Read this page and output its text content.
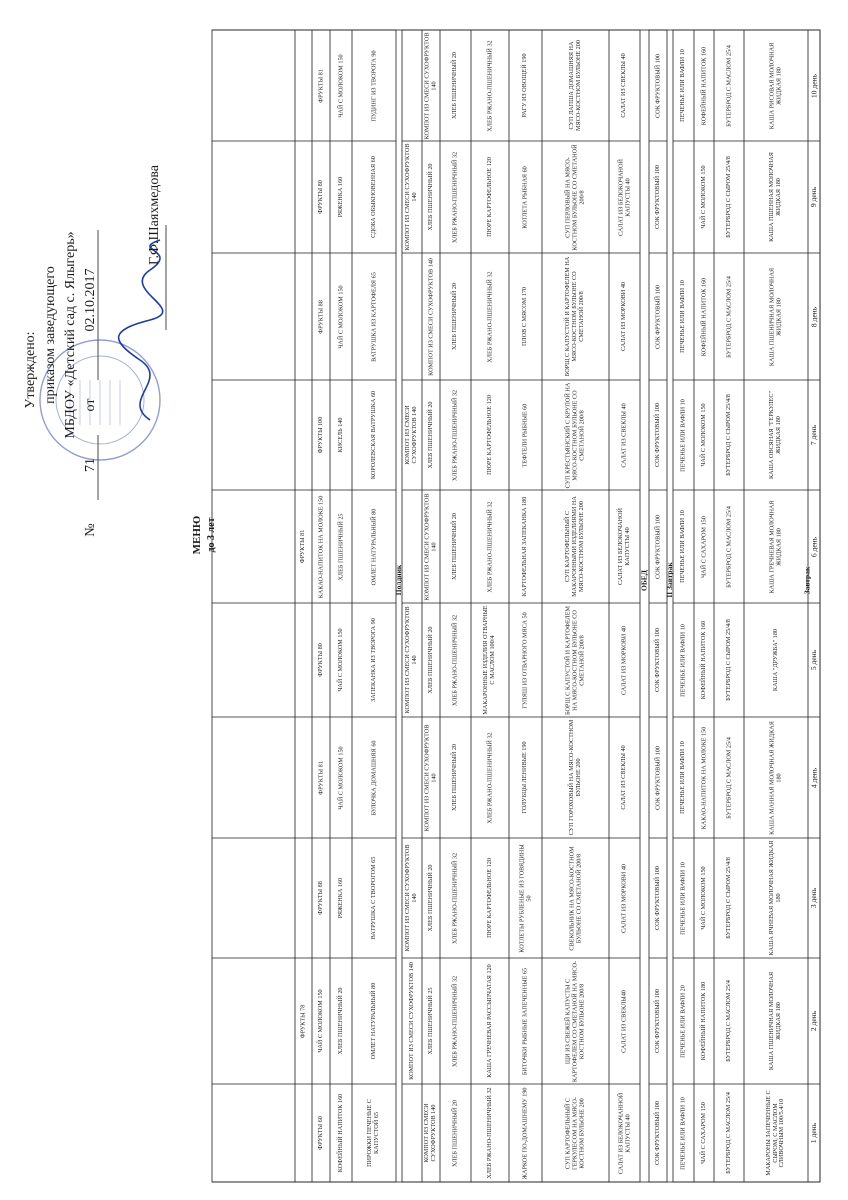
1 день
2 день
3 день
4 день
5 день
6 день
7 день
8 день
9 день
10 день
Завтрак
II Завтрак
ОБЕД
Полдник
МАКАРОНЫ ЗАПЕЧЕННЫЕ С СЫРОМ, С МАСЛОМ СЛИВОЧНЫМ 100/5.4/10
КАША ПШЕНИЧНАЯ МОЛОЧНАЯ ЖИДКАЯ 180
КАША ЯЧНЕВАЯ МОЛОЧНАЯ ЖИДКАЯ 180
КАША МАННАЯ МОЛОЧНАЯ ЖИДКАЯ 180
КАША "ДРУЖБА" 180
КАША ГРЕЧНЕВАЯ МОЛОЧНАЯ ЖИДКАЯ 180
КАША ОВСЯНАЯ "ГЕРКУЛЕС" ЖИДКАЯ 180
КАША ПШЕНИЧНАЯ МОЛОЧНАЯ ЖИДКАЯ 180
КАША ПШЕННАЯ МОЛОЧНАЯ ЖИДКАЯ 180
КАША РИСОВАЯ МОЛОЧНАЯ ЖИДКАЯ 180
БУТЕРБРОД С МАСЛОМ 25/4
БУТЕРБРОД С МАСЛОМ 25/4
БУТЕРБРОД С СЫРОМ 25/4/8
БУТЕРБРОД С МАСЛОМ 25/4
БУТЕРБРОД С СЫРОМ 25/4/8
БУТЕРБРОД С МАСЛОМ 25/4
БУТЕРБРОД С СЫРОМ 25/4/8
БУТЕРБРОД С МАСЛОМ 25/4
БУТЕРБРОД С СЫРОМ 25/4/8
БУТЕРБРОД С МАСЛОМ 25/4
ЧАЙ С САХАРОМ 150
КОФЕЙНЫЙ НАПИТОК 180
ЧАЙ С МОЛОКОМ 150
КАКАО-НАПИТОК НА МОЛОКЕ 150
КОФЕЙНЫЙ НАПИТОК 160
ЧАЙ С САХАРОМ 150
ЧАЙ С МОЛОКОМ 150
КОФЕЙНЫЙ НАПИТОК 160
ЧАЙ С МОЛОКОМ 150
КОФЕЙНЫЙ НАПИТОК 160
ПЕЧЕНЬЕ ИЛИ ВАФЛИ 10
ПЕЧЕНЬЕ ИЛИ ВАФЛИ 20
ПЕЧЕНЬЕ ИЛИ ВАФЛИ 10
ПЕЧЕНЬЕ ИЛИ ВАФЛИ 10
ПЕЧЕНЬЕ ИЛИ ВАФЛИ 10
ПЕЧЕНЬЕ ИЛИ ВАФЛИ 10
ПЕЧЕНЬЕ ИЛИ ВАФЛИ 10
ПЕЧЕНЬЕ ИЛИ ВАФЛИ 10
ПЕЧЕНЬЕ ИЛИ ВАФЛИ 10
СОК ФРУКТОВЫЙ 100
СОК ФРУКТОВЫЙ 100
СОК ФРУКТОВЫЙ 100
СОК ФРУКТОВЫЙ 100
СОК ФРУКТОВЫЙ 100
СОК ФРУКТОВЫЙ 100
СОК ФРУКТОВЫЙ 100
СОК ФРУКТОВЫЙ 100
СОК ФРУКТОВЫЙ 100
СОК ФРУКТОВЫЙ 100
САЛАТ ИЗ БЕЛОКОЧАННОЙ КАПУСТЫ 40
САЛАТ ИЗ СВЕКЛЫ40
САЛАТ ИЗ МОРКОВИ 40
САЛАТ ИЗ СВЕКЛЫ 40
САЛАТ ИЗ МОРКОВИ 40
САЛАТ ИЗ БЕЛОКОЧАНОЙ КАПУСТЫ 40
САЛАТ ИЗ СВЕКЛЫ 40
САЛАТ ИЗ МОРКОВИ 40
САЛАТ ИЗ БЕЛОКОЧАНОЙ КАПУСТЫ 40
САЛАТ ИЗ СВЕКЛЫ 40
СУП КАРТОФЕЛЬНЫЙ С ГЕРКУЛЕСОМ НА МЯСО-КОСТНОМ БУЛЬОНЕ 200
ЩИ ИЗ СВЕЖЕЙ КАПУСТЫ С КАРТОФЕЛЕМ СО СМЕТАНОЙ НА МЯСО-КОСТНОМ БУЛЬОНЕ 200/8
СВЕКОЛЬНИК НА МЯСО-КОСТНОМ БУЛЬОНЕ СО СМЕТАНОЙ 200/8
СУП ГОРОХОВЫЙ НА МЯСО-КОСТНОМ БУЛЬОНЕ 200
БОРЩ С КАПУСТОЙ И КАРТОФЕЛЕМ НА МЯСО-КОСТНОМ БУЛЬОНЕ СО СМЕТАНОЙ 200/8
СУП КАРТОФЕЛЬНЫЙ С МАКАРОННЫМИ ИЗДЕЛИЯМИ НА МЯСО-КОСТНОМ БУЛЬОНЕ 200
СУП КРЕСТЬЯНСКИЙ С КРУПОЙ НА МЯСО-КОСТНОМ БУЛЬОНЕ СО СМЕТАНОЙ 200/8
БОРЩ С КАПУСТОЙ И КАРТОФЕЛЕМ НА МЯСО-КОСТНОМ БУЛЬОНЕ СО СМЕТАНОЙ 200/8
СУП ПЕРЛОВЫЙ НА МЯСО-КОСТНОМ БУЛЬОНЕ СО СМЕТАНОЙ 200/8
СУП ЛАПША ДОМАШНЯЯ НА МЯСО-КОСТНОМ БУЛЬОНЕ 200
ЖАРКОЕ ПО-ДОМАШНЕМУ 190
БИТОЧКИ РЫБНЫЕ ЗАПЕЧЕННЫЕ 65
КОТЛЕТЫ РУБЛЕНЫЕ ИЗ ГОВЯДИНЫ 50
ГОЛУБЦЫ ЛЕНИВЫЕ 190
ГУЛЯШ ИЗ ОТВАРНОГО МЯСА 50
КАРТОФЕЛЬНАЯ ЗАПЕКАНКА 180
ТЕФТЕЛИ РЫБНЫЕ 60
ПЛОВ С МЯСОМ 170
КОТЛЕТА РЫБНАЯ 60
РАГУ ИЗ ОВОЩЕЙ 190
ХЛЕБ РЖАНО-ПШЕНИЧНЫЙ 32
КАША ГРЕЧНЕВАЯ РАССЫПЧАТАЯ 120
ПЮРЕ КАРТОФЕЛЬНОЕ 120
ХЛЕБ РЖАНО-ПШЕНИЧНЫЙ 32
МАКАРОННЫЕ ИЗДЕЛИЯ ОТВАРНЫЕ С МАСЛОМ 100/4
ХЛЕБ РЖАНО-ПШЕНИЧНЫЙ 32
ПЮРЕ КАРТОФЕЛЬНОЕ 120
ХЛЕБ РЖАНО-ПШЕНИЧНЫЙ 32
ПЮРЕ КАРТОФЕЛЬНОЕ 120
ХЛЕБ РЖАНО-ПШЕНИЧНЫЙ 32
ХЛЕБ ПШЕНИЧНЫЙ 20
ХЛЕБ РЖАНО-ПШЕНИЧНЫЙ 32
ХЛЕБ РЖАНО-ПШЕНИЧНЫЙ 32
ХЛЕБ ПШЕНИЧНЫЙ 20
ХЛЕБ РЖАНО-ПШЕНИЧНЫЙ 32
ХЛЕБ ПШЕНИЧНЫЙ 20
ХЛЕБ РЖАНО-ПШЕНИЧНЫЙ 32
ХЛЕБ ПШЕНИЧНЫЙ 20
ХЛЕБ РЖАНО-ПШЕНИЧНЫЙ 32
ХЛЕБ ПШЕНИЧНЫЙ 20
КОМПОТ ИЗ СМЕСИ СУХОФРУКТОВ 140
ХЛЕБ ПШЕНИЧНЫЙ 25
ХЛЕБ ПШЕНИЧНЫЙ 20
КОМПОТ ИЗ СМЕСИ СУХОФРУКТОВ 140
ХЛЕБ ПШЕНИЧНЫЙ 20
КОМПОТ ИЗ СМЕСИ СУХОФРУКТОВ 140
ХЛЕБ ПШЕНИЧНЫЙ 20
КОМПОТ ИЗ СМЕСИ СУХОФРУКТОВ 140
ХЛЕБ ПШЕНИЧНЫЙ 20
КОМПОТ ИЗ СМЕСИ СУХОФРУКТОВ 140
КОМПОТ ИЗ СМЕСИ СУХОФРУКТОВ 140
КОМПОТ ИЗ СМЕСИ СУХОФРУКТОВ 140
КОМПОТ ИЗ СМЕСИ СУХОФРУКТОВ 140
КОМПОТ ИЗ СМЕСИ СУХОФРУКТОВ 140
КОМПОТ ИЗ СМЕСИ СУХОФРУКТОВ 140
ПИРОЖКИ ПЕЧЕНЫЕ С КАПУСТОЙ 65
ОМЛЕТ НАТУРАЛЬНЫЙ 80
ВАТРУШКА С ТВОРОГОМ 65
БУЛОЧКА ДОМАШНЯЯ 60
ЗАПЕКАНКА ИЗ ТВОРОГА 90
ОМЛЕТ НАТУРАЛЬНЫЙ 80
КОРОЛЕВСКАЯ ВАТРУШКА 60
ВАТРУШКА ИЗ КАРТОФЕЛЯ 65
СДОБА ОБЫКНОВЕННАЯ 60
ПУДИНГ ИЗ ТВОРОГА 90
КОФЕЙНЫЙ НАПИТОК 160
ХЛЕБ ПШЕНИЧНЫЙ 20
РЯЖЕНКА 160
ЧАЙ С МОЛОКОМ 150
ЧАЙ С МОЛОКОМ 150
ХЛЕБ ПШЕНИЧНЫЙ 25
КИСЕЛЬ 140
ЧАЙ С МОЛОКОМ 150
РЯЖЕНКА 160
ЧАЙ С МОЛОКОМ 150
ФРУКТЫ 60
ЧАЙ С МОЛОКОМ 150
ФРУКТЫ 88
ФРУКТЫ 81
ФРУКТЫ 80
КАКАО-НАПИТОК НА МОЛОКЕ 150
ФРУКТЫ 100
ФРУКТЫ 88
ФРУКТЫ 80
ФРУКТЫ 81
ФРУКТЫ 78
ФРУКТЫ 81
МЕНЮ до 3 лет
Утверждено: приказом заведующего МБДОУ «Детский сад с. Ялыгерь»
Г.Ф.Шаяхмедова
№
71
от
02.10.2017
